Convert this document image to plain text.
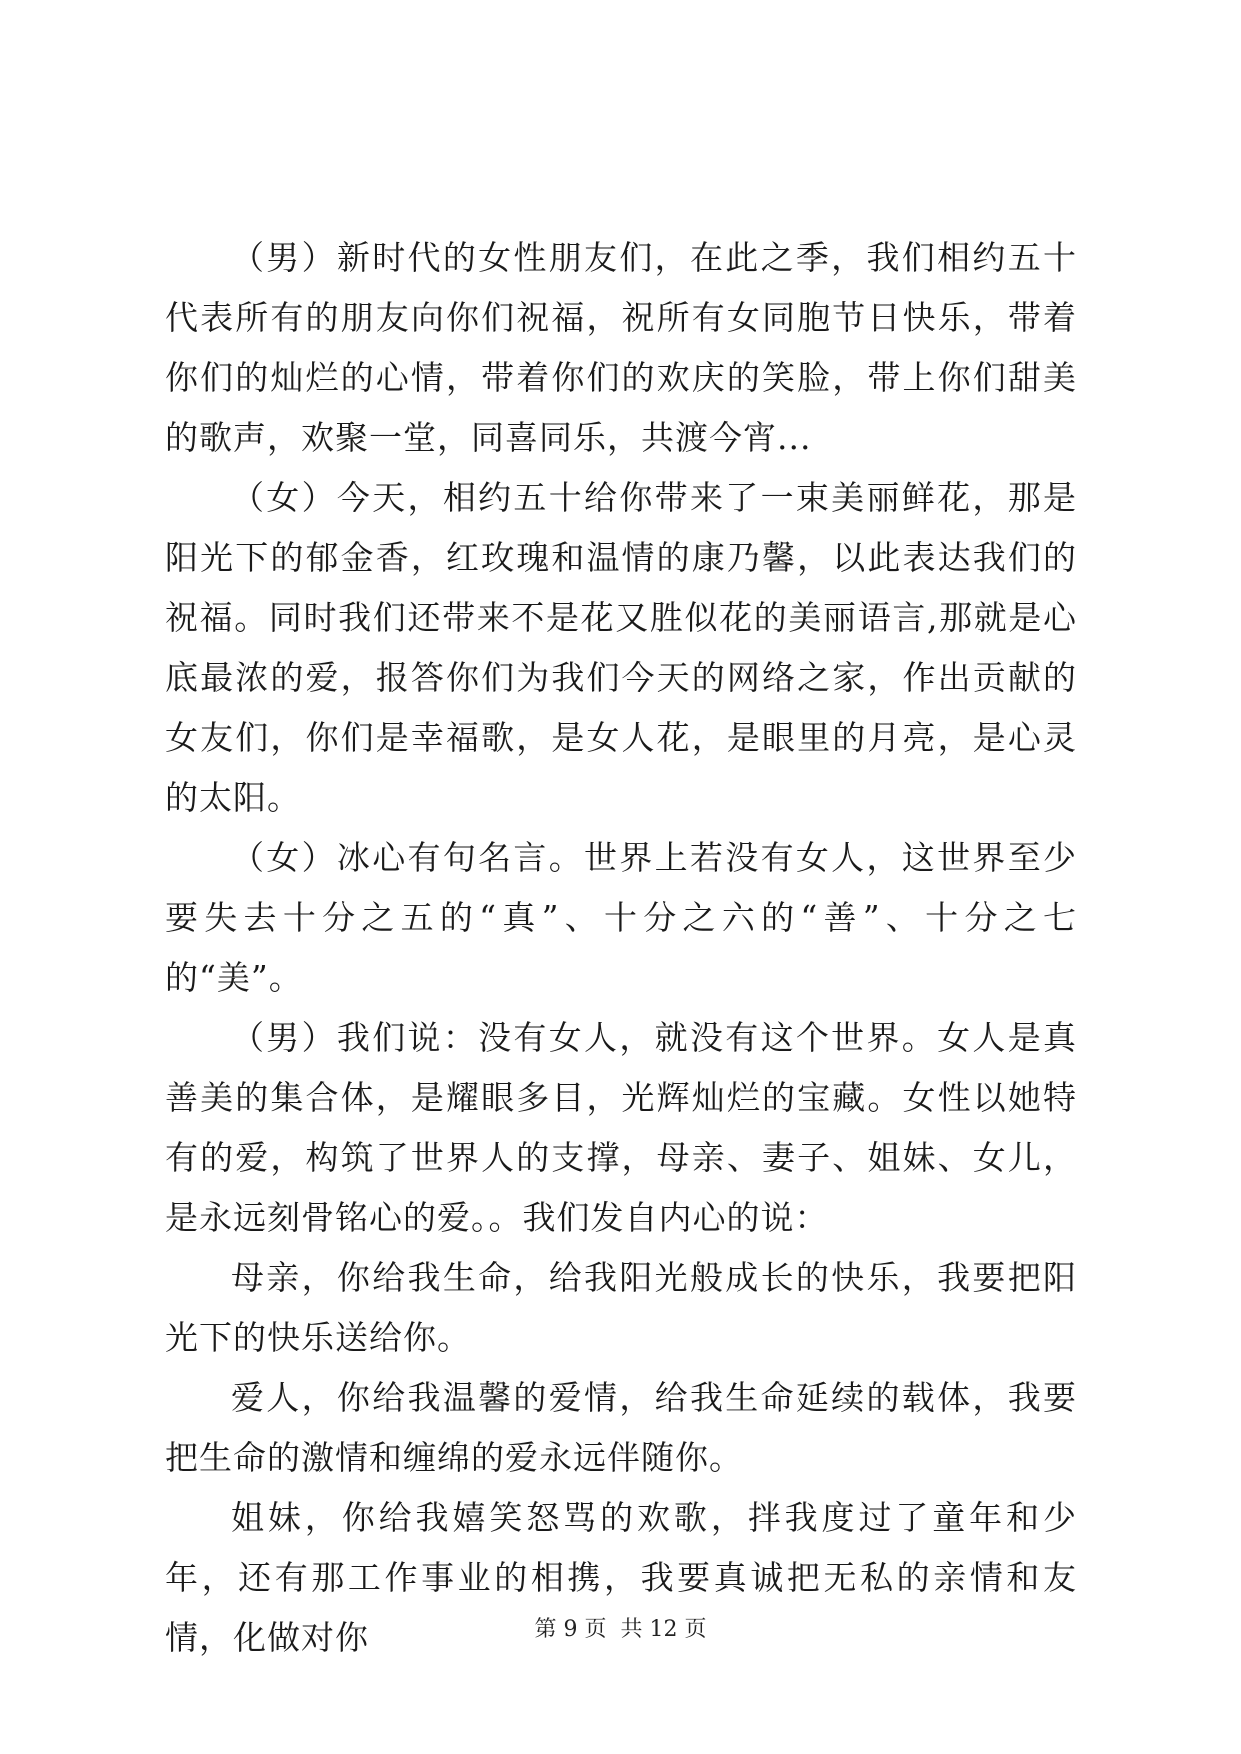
（男）新时代的女性朋友们，在此之季，我们相约五十代表所有的朋友向你们祝福，祝所有女同胞节日快乐，带着你们的灿烂的心情，带着你们的欢庆的笑脸，带上你们甜美的歌声，欢聚一堂，同喜同乐，共渡今宵...

（女）今天，相约五十给你带来了一束美丽鲜花，那是阳光下的郁金香，红玫瑰和温情的康乃馨，以此表达我们的祝福。同时我们还带来不是花又胜似花的美丽语言,那就是心底最浓的爱，报答你们为我们今天的网络之家，作出贡献的女友们，你们是幸福歌，是女人花，是眼里的月亮，是心灵的太阳。

（女）冰心有句名言。世界上若没有女人，这世界至少要失去十分之五的“真”、十分之六的“善”、十分之七的“美”。

（男）我们说：没有女人，就没有这个世界。女人是真善美的集合体，是耀眼多目，光辉灿烂的宝藏。女性以她特有的爱，构筑了世界人的支撑，母亲、妻子、姐妹、女儿，是永远刻骨铭心的爱。。我们发自内心的说：

母亲，你给我生命，给我阳光般成长的快乐，我要把阳光下的快乐送给你。

爱人，你给我温馨的爱情，给我生命延续的载体，我要把生命的激情和缠绵的爱永远伴随你。

姐妹，你给我嬉笑怒骂的欢歌，拌我度过了童年和少年，还有那工作事业的相携，我要真诚把无私的亲情和友情，化做对你	第 9 页  共 12 页
